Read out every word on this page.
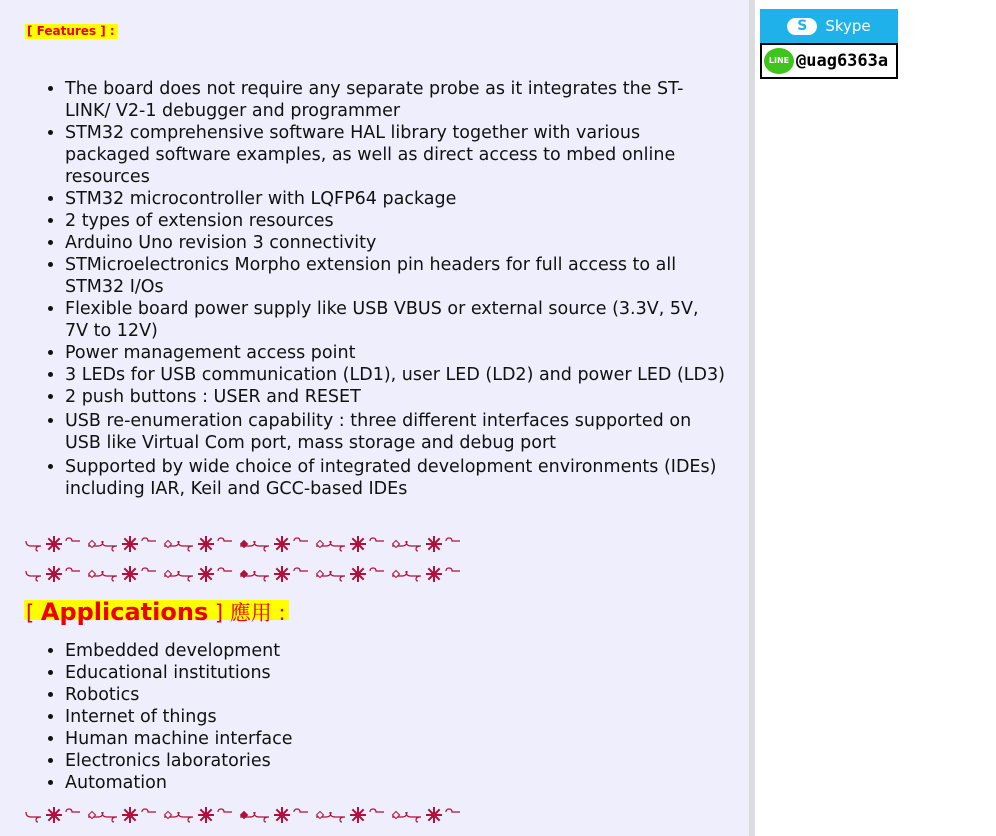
[ Features ] :
• The board does not require any separate probe as it integrates the ST-LINK/ V2-1 debugger and programmer
• STM32 comprehensive software HAL library together with various packaged software examples, as well as direct access to mbed online resources
• STM32 microcontroller with LQFP64 package
• 2 types of extension resources
• Arduino Uno revision 3 connectivity
• STMicroelectronics Morpho extension pin headers for full access to all STM32 I/Os
• Flexible board power supply like USB VBUS or external source (3.3V, 5V, 7V to 12V)
• Power management access point
• 3 LEDs for USB communication (LD1), user LED (LD2) and power LED (LD3)
• 2 push buttons : USER and RESET
• USB re-enumeration capability : three different interfaces supported on USB like Virtual Com port, mass storage and debug port
• Supported by wide choice of integrated development environments (IDEs) including IAR, Keil and GCC-based IDEs
[ Applications ] 應用 :
• Embedded development
• Educational institutions
• Robotics
• Internet of things
• Human machine interface
• Electronics laboratories
• Automation
S	Skype
LINE @uag6363a
